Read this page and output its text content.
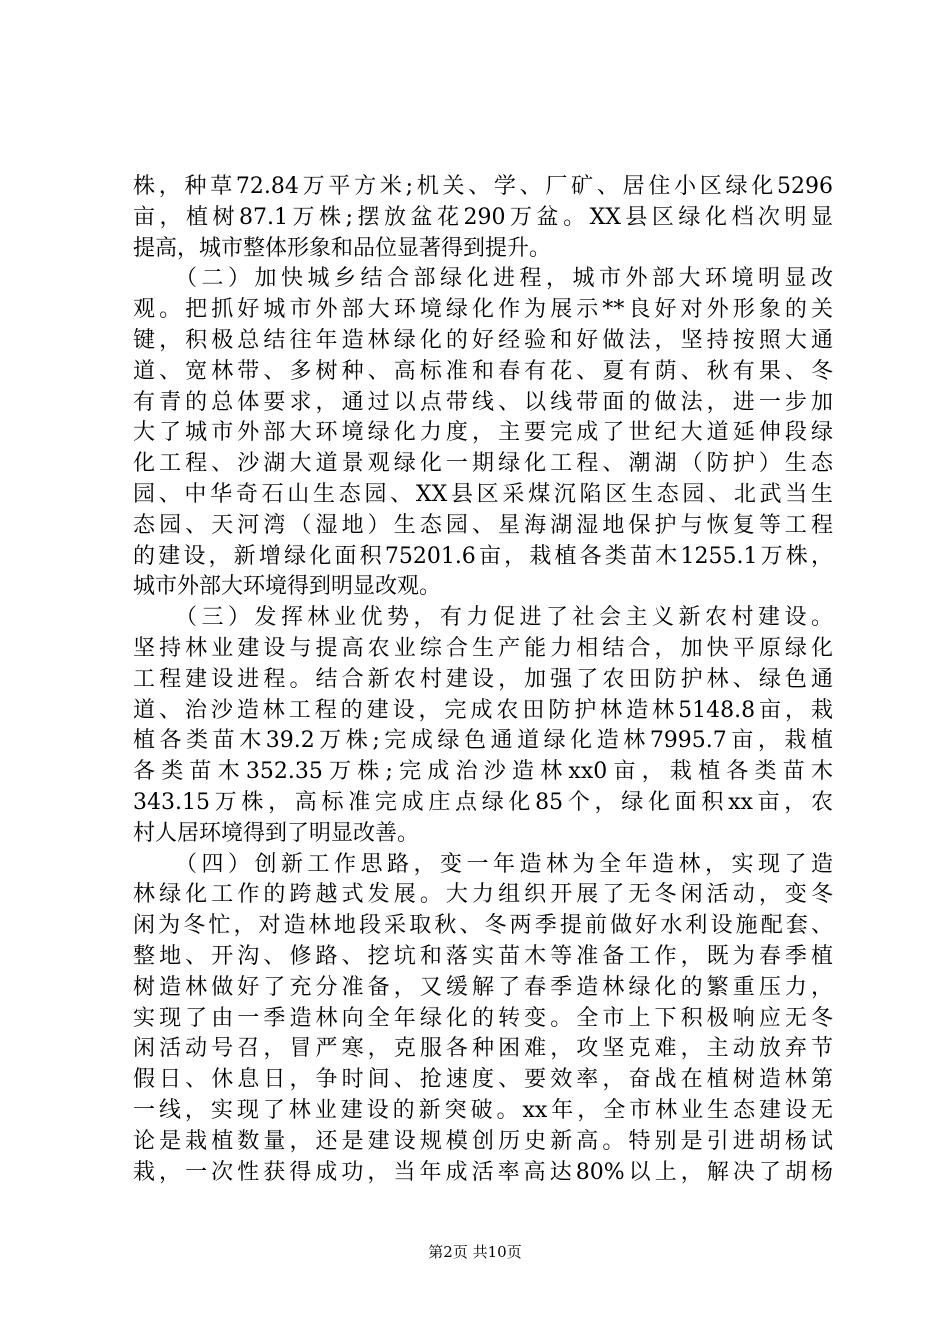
株，种草72.84万平方米;机关、学、厂矿、居住小区绿化5296
亩，植树87.1万株;摆放盆花290万盆。XX县区绿化档次明显
提高，城市整体形象和品位显著得到提升。
　　（二）加快城乡结合部绿化进程，城市外部大环境明显改
观。把抓好城市外部大环境绿化作为展示**良好对外形象的关
键，积极总结往年造林绿化的好经验和好做法，坚持按照大通
道、宽林带、多树种、高标准和春有花、夏有荫、秋有果、冬
有青的总体要求，通过以点带线、以线带面的做法，进一步加
大了城市外部大环境绿化力度，主要完成了世纪大道延伸段绿
化工程、沙湖大道景观绿化一期绿化工程、潮湖（防护）生态
园、中华奇石山生态园、XX县区采煤沉陷区生态园、北武当生
态园、天河湾（湿地）生态园、星海湖湿地保护与恢复等工程
的建设，新增绿化面积75201.6亩，栽植各类苗木1255.1万株，
城市外部大环境得到明显改观。
　　（三）发挥林业优势，有力促进了社会主义新农村建设。
坚持林业建设与提高农业综合生产能力相结合，加快平原绿化
工程建设进程。结合新农村建设，加强了农田防护林、绿色通
道、治沙造林工程的建设，完成农田防护林造林5148.8亩，栽
植各类苗木39.2万株;完成绿色通道绿化造林7995.7亩，栽植
各类苗木352.35万株;完成治沙造林xx0亩，栽植各类苗木
343.15万株，高标准完成庄点绿化85个，绿化面积xx亩，农
村人居环境得到了明显改善。
　　（四）创新工作思路，变一年造林为全年造林，实现了造
林绿化工作的跨越式发展。大力组织开展了无冬闲活动，变冬
闲为冬忙，对造林地段采取秋、冬两季提前做好水利设施配套、
整地、开沟、修路、挖坑和落实苗木等准备工作，既为春季植
树造林做好了充分准备，又缓解了春季造林绿化的繁重压力，
实现了由一季造林向全年绿化的转变。全市上下积极响应无冬
闲活动号召，冒严寒，克服各种困难，攻坚克难，主动放弃节
假日、休息日，争时间、抢速度、要效率，奋战在植树造林第
一线，实现了林业建设的新突破。xx年，全市林业生态建设无
论是栽植数量，还是建设规模创历史新高。特别是引进胡杨试
栽，一次性获得成功，当年成活率高达80%以上，解决了胡杨
第2页 共10页
